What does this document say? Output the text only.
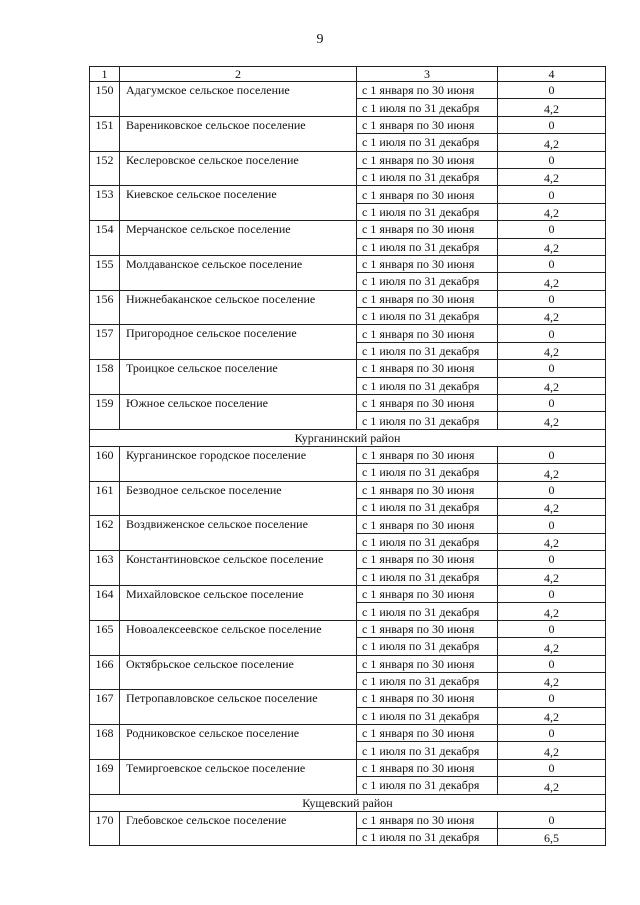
9
1	2	3	4
150	Адагумское сельское поселение	с 1 января по 30 июня	0
		с 1 июля по 31 декабря	4,2
151	Варениковское сельское поселение	с 1 января по 30 июня	0
		с 1 июля по 31 декабря	4,2
152	Кеслеровское сельское поселение	с 1 января по 30 июня	0
		с 1 июля по 31 декабря	4,2
153	Киевское сельское поселение	с 1 января по 30 июня	0
		с 1 июля по 31 декабря	4,2
154	Мерчанское сельское поселение	с 1 января по 30 июня	0
		с 1 июля по 31 декабря	4,2
155	Молдаванское сельское поселение	с 1 января по 30 июня	0
		с 1 июля по 31 декабря	4,2
156	Нижнебаканское сельское поселение	с 1 января по 30 июня	0
		с 1 июля по 31 декабря	4,2
157	Пригородное сельское поселение	с 1 января по 30 июня	0
		с 1 июля по 31 декабря	4,2
158	Троицкое сельское поселение	с 1 января по 30 июня	0
		с 1 июля по 31 декабря	4,2
159	Южное сельское поселение	с 1 января по 30 июня	0
		с 1 июля по 31 декабря	4,2
Курганинский район			
160	Курганинское городское поселение	с 1 января по 30 июня	0
		с 1 июля по 31 декабря	4,2
161	Безводное сельское поселение	с 1 января по 30 июня	0
		с 1 июля по 31 декабря	4,2
162	Воздвиженское сельское поселение	с 1 января по 30 июня	0
		с 1 июля по 31 декабря	4,2
163	Константиновское сельское поселение	с 1 января по 30 июня	0
		с 1 июля по 31 декабря	4,2
164	Михайловское сельское поселение	с 1 января по 30 июня	0
		с 1 июля по 31 декабря	4,2
165	Новоалексеевское сельское поселение	с 1 января по 30 июня	0
		с 1 июля по 31 декабря	4,2
166	Октябрьское сельское поселение	с 1 января по 30 июня	0
		с 1 июля по 31 декабря	4,2
167	Петропавловское сельское поселение	с 1 января по 30 июня	0
		с 1 июля по 31 декабря	4,2
168	Родниковское сельское поселение	с 1 января по 30 июня	0
		с 1 июля по 31 декабря	4,2
169	Темиргоевское сельское поселение	с 1 января по 30 июня	0
		с 1 июля по 31 декабря	4,2
Кущевский район			
170	Глебовское сельское поселение	с 1 января по 30 июня	0
		с 1 июля по 31 декабря	6,5
